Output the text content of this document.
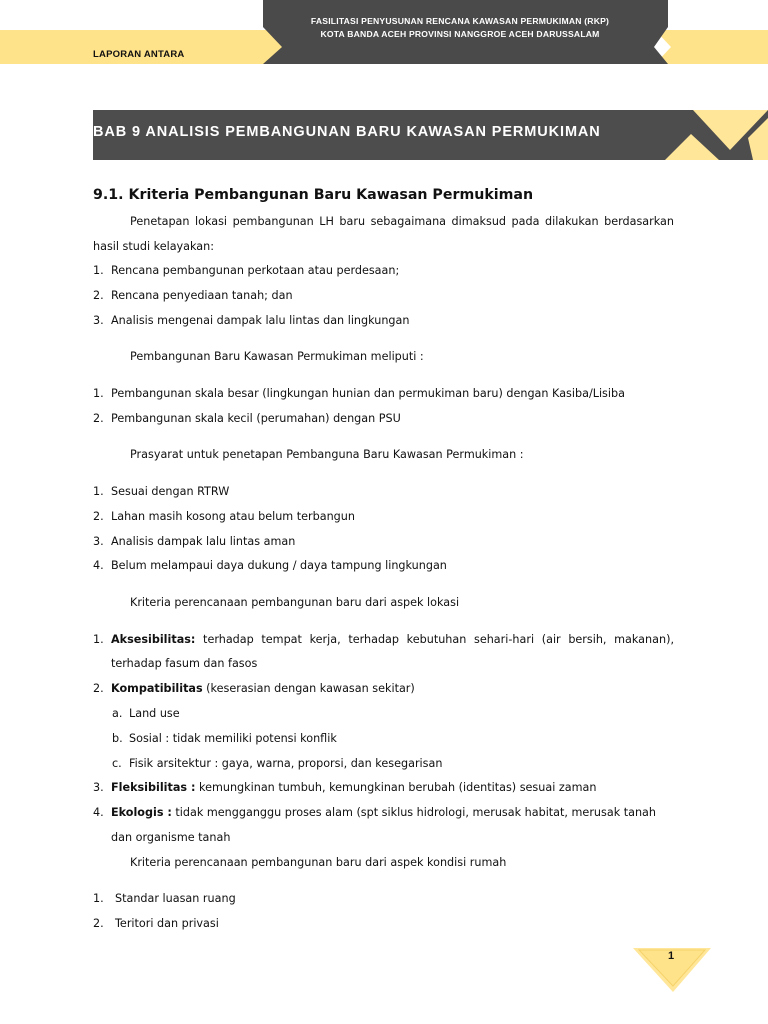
LAPORAN ANTARA
FASILITASI PENYUSUNAN RENCANA KAWASAN PERMUKIMAN (RKP)
KOTA BANDA ACEH PROVINSI NANGGROE ACEH DARUSSALAM
BAB 9 ANALISIS PEMBANGUNAN BARU KAWASAN PERMUKIMAN
9.1. Kriteria Pembangunan Baru Kawasan Permukiman

Penetapan lokasi pembangunan LH baru sebagaimana dimaksud pada dilakukan berdasarkan hasil studi kelayakan:

1. Rencana pembangunan perkotaan atau perdesaan;
2. Rencana penyediaan tanah; dan
3. Analisis mengenai dampak lalu lintas dan lingkungan

Pembangunan Baru Kawasan Permukiman meliputi :

1. Pembangunan skala besar (lingkungan hunian dan permukiman baru) dengan Kasiba/Lisiba
2. Pembangunan skala kecil (perumahan) dengan PSU

Prasyarat untuk penetapan Pembanguna Baru Kawasan Permukiman :

1. Sesuai dengan RTRW
2. Lahan masih kosong atau belum terbangun
3. Analisis dampak lalu lintas aman
4. Belum melampaui daya dukung / daya tampung lingkungan

Kriteria perencanaan pembangunan baru dari aspek lokasi

1. Aksesibilitas: terhadap tempat kerja, terhadap kebutuhan sehari-hari (air bersih, makanan), terhadap fasum dan fasos
2. Kompatibilitas (keserasian dengan kawasan sekitar)
a. Land use
b. Sosial : tidak memiliki potensi konflik
c. Fisik arsitektur : gaya, warna, proporsi, dan kesegarisan
3. Fleksibilitas : kemungkinan tumbuh, kemungkinan berubah (identitas) sesuai zaman
4. Ekologis : tidak mengganggu proses alam (spt siklus hidrologi, merusak habitat, merusak tanah dan organisme tanah

Kriteria perencanaan pembangunan baru dari aspek kondisi rumah

1. Standar luasan ruang
2. Teritori dan privasi
1
